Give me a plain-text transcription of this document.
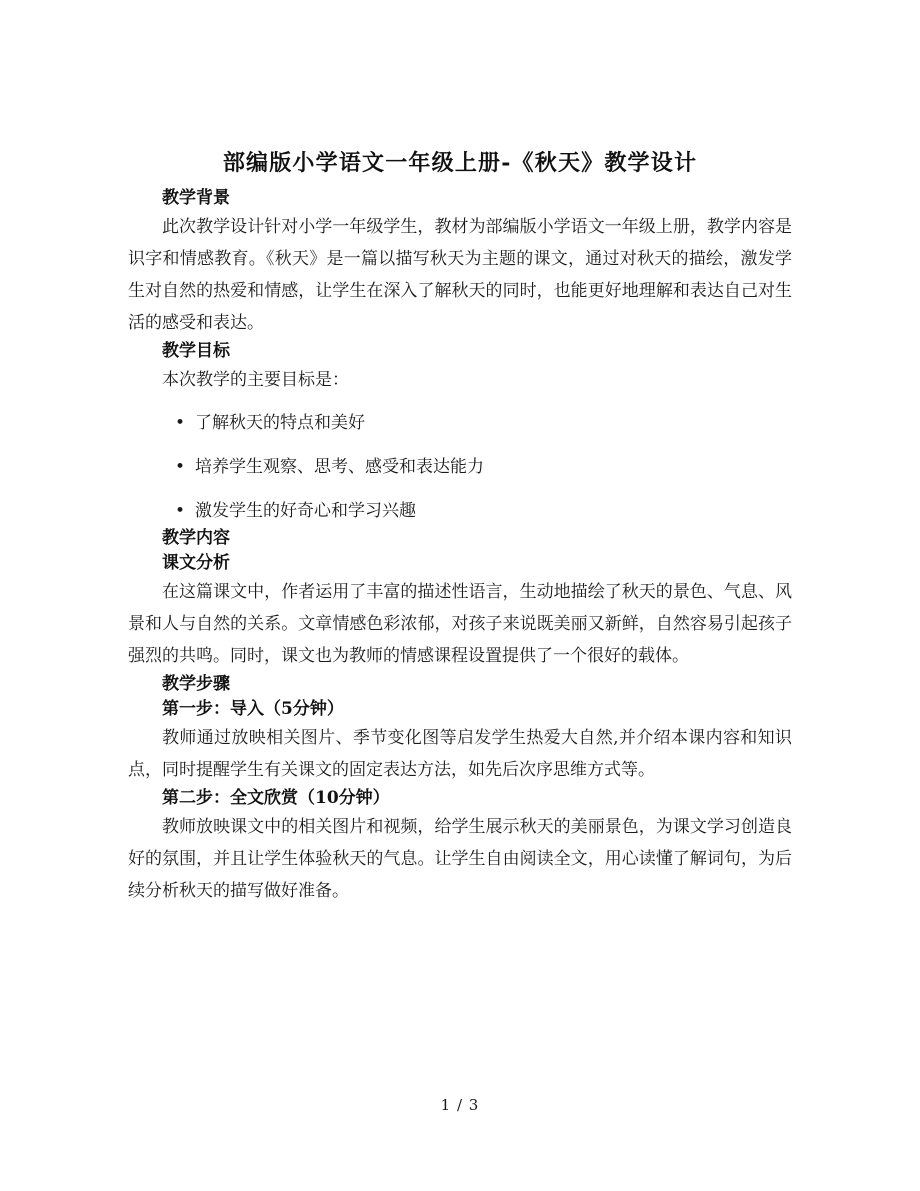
部编版小学语文一年级上册-《秋天》教学设计
教学背景

此次教学设计针对小学一年级学生，教材为部编版小学语文一年级上册，教学内容是识字和情感教育。《秋天》是一篇以描写秋天为主题的课文，通过对秋天的描绘，激发学生对自然的热爱和情感，让学生在深入了解秋天的同时，也能更好地理解和表达自己对生活的感受和表达。

教学目标

本次教学的主要目标是：

• 了解秋天的特点和美好
• 培养学生观察、思考、感受和表达能力
• 激发学生的好奇心和学习兴趣
教学内容
课文分析

在这篇课文中，作者运用了丰富的描述性语言，生动地描绘了秋天的景色、气息、风景和人与自然的关系。文章情感色彩浓郁，对孩子来说既美丽又新鲜，自然容易引起孩子强烈的共鸣。同时，课文也为教师的情感课程设置提供了一个很好的载体。

教学步骤
第一步：导入（5分钟）

教师通过放映相关图片、季节变化图等启发学生热爱大自然,并介绍本课内容和知识点，同时提醒学生有关课文的固定表达方法，如先后次序思维方式等。

第二步：全文欣赏（10分钟）

教师放映课文中的相关图片和视频，给学生展示秋天的美丽景色，为课文学习创造良好的氛围，并且让学生体验秋天的气息。让学生自由阅读全文，用心读懂了解词句，为后续分析秋天的描写做好准备。

1 / 3
